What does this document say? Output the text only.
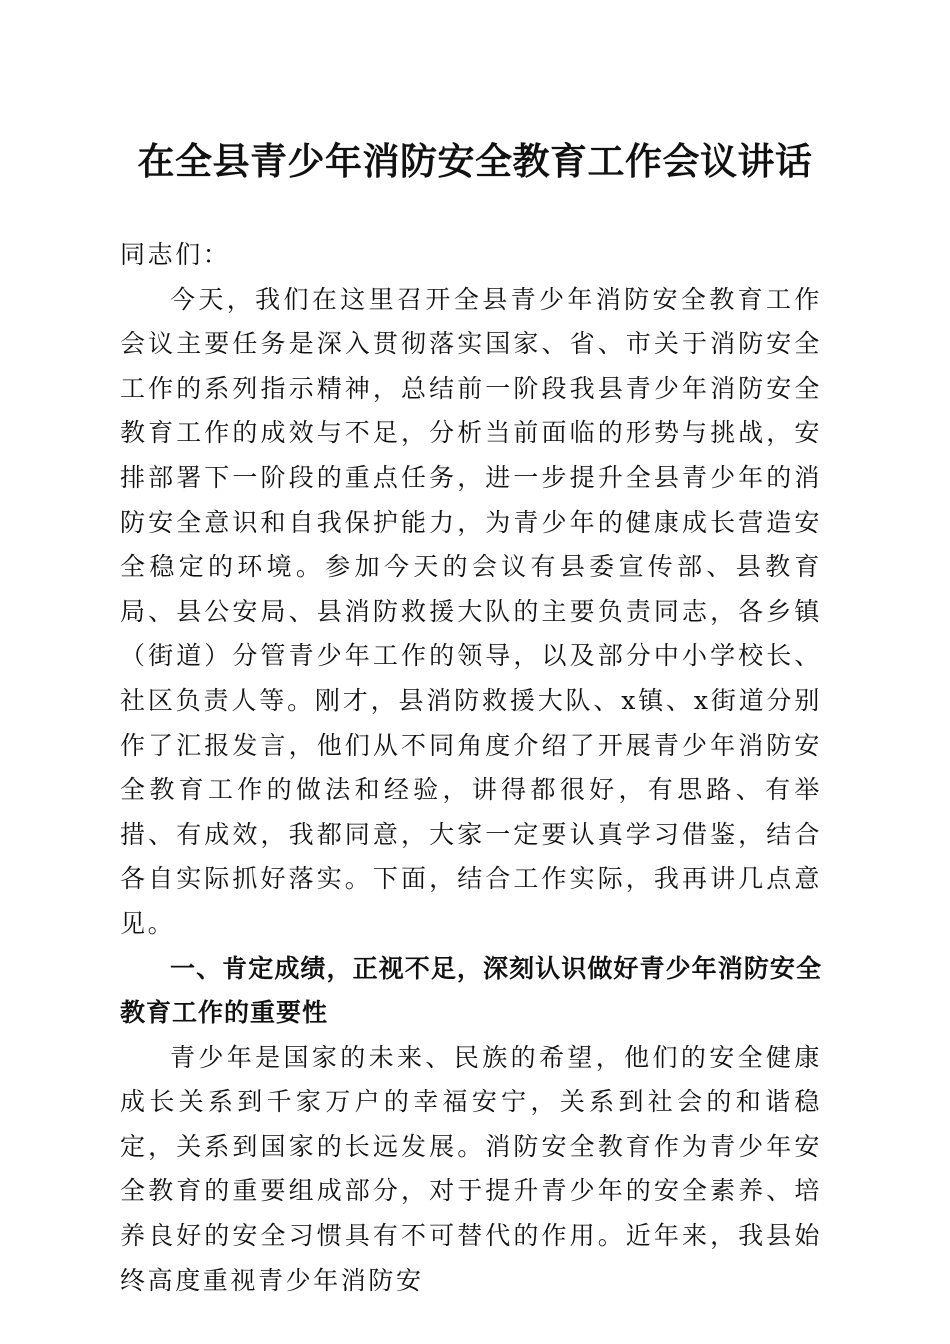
在全县青少年消防安全教育工作会议讲话

同志们：

今天，我们在这里召开全县青少年消防安全教育工作会议主要任务是深入贯彻落实国家、省、市关于消防安全工作的系列指示精神，总结前一阶段我县青少年消防安全教育工作的成效与不足，分析当前面临的形势与挑战，安排部署下一阶段的重点任务，进一步提升全县青少年的消防安全意识和自我保护能力，为青少年的健康成长营造安全稳定的环境。参加今天的会议有县委宣传部、县教育局、县公安局、县消防救援大队的主要负责同志，各乡镇（街道）分管青少年工作的领导，以及部分中小学校长、社区负责人等。刚才，县消防救援大队、x镇、x街道分别作了汇报发言，他们从不同角度介绍了开展青少年消防安全教育工作的做法和经验，讲得都很好，有思路、有举措、有成效，我都同意，大家一定要认真学习借鉴，结合各自实际抓好落实。下面，结合工作实际，我再讲几点意见。

一、肯定成绩，正视不足，深刻认识做好青少年消防安全教育工作的重要性

青少年是国家的未来、民族的希望，他们的安全健康成长关系到千家万户的幸福安宁，关系到社会的和谐稳定，关系到国家的长远发展。消防安全教育作为青少年安全教育的重要组成部分，对于提升青少年的安全素养、培养良好的安全习惯具有不可替代的作用。近年来，我县始终高度重视青少年消防安
